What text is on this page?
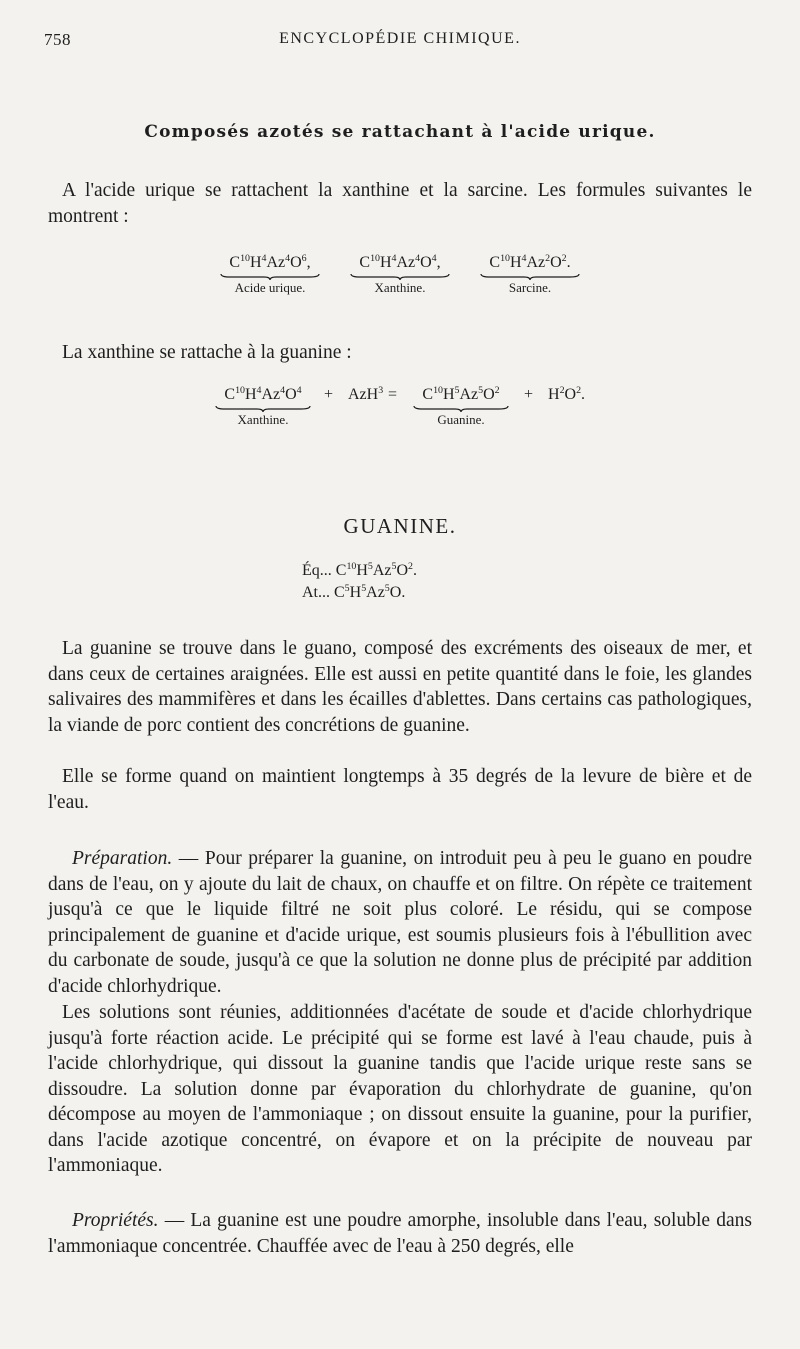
758	ENCYCLOPÉDIE CHIMIQUE.
Composés azotés se rattachant à l'acide urique.

A l'acide urique se rattachent la xanthine et la sarcine. Les formules suivantes le montrent :

$C^{10}H^4Az^4O^6$,
Acide urique.
$C^{10}H^4Az^4O^4$,
Xanthine.
$C^{10}H^4Az^2O^2$.
Sarcine.

La xanthine se rattache à la guanine :

$C^{10}H^4Az^4O^4$
Xanthine.
+ AzH$^3$ =	$C^{10}H^5Az^5O^2$
Guanine.
+ $H^2O^2$.
GUANINE.
Éq... $C^{10}H^5Az^5O^2$.
At... $C^5H^5Az^5O$.

La guanine se trouve dans le guano, composé des excréments des oiseaux de mer, et dans ceux de certaines araignées. Elle est aussi en petite quantité dans le foie, les glandes salivaires des mammifères et dans les écailles d'ablettes. Dans certains cas pathologiques, la viande de porc contient des concrétions de guanine.

Elle se forme quand on maintient longtemps à 35 degrés de la levure de bière et de l'eau.

Préparation. — Pour préparer la guanine, on introduit peu à peu le guano en poudre dans de l'eau, on y ajoute du lait de chaux, on chauffe et on filtre. On répète ce traitement jusqu'à ce que le liquide filtré ne soit plus coloré. Le résidu, qui se compose principalement de guanine et d'acide urique, est soumis plusieurs fois à l'ébullition avec du carbonate de soude, jusqu'à ce que la solution ne donne plus de précipité par addition d'acide chlorhydrique.

Les solutions sont réunies, additionnées d'acétate de soude et d'acide chlorhydrique jusqu'à forte réaction acide. Le précipité qui se forme est lavé à l'eau chaude, puis à l'acide chlorhydrique, qui dissout la guanine tandis que l'acide urique reste sans se dissoudre. La solution donne par évaporation du chlorhydrate de guanine, qu'on décompose au moyen de l'ammoniaque ; on dissout ensuite la guanine, pour la purifier, dans l'acide azotique concentré, on évapore et on la précipite de nouveau par l'ammoniaque.

Propriétés. — La guanine est une poudre amorphe, insoluble dans l'eau, soluble dans l'ammoniaque concentrée. Chauffée avec de l'eau à 250 degrés, elle
